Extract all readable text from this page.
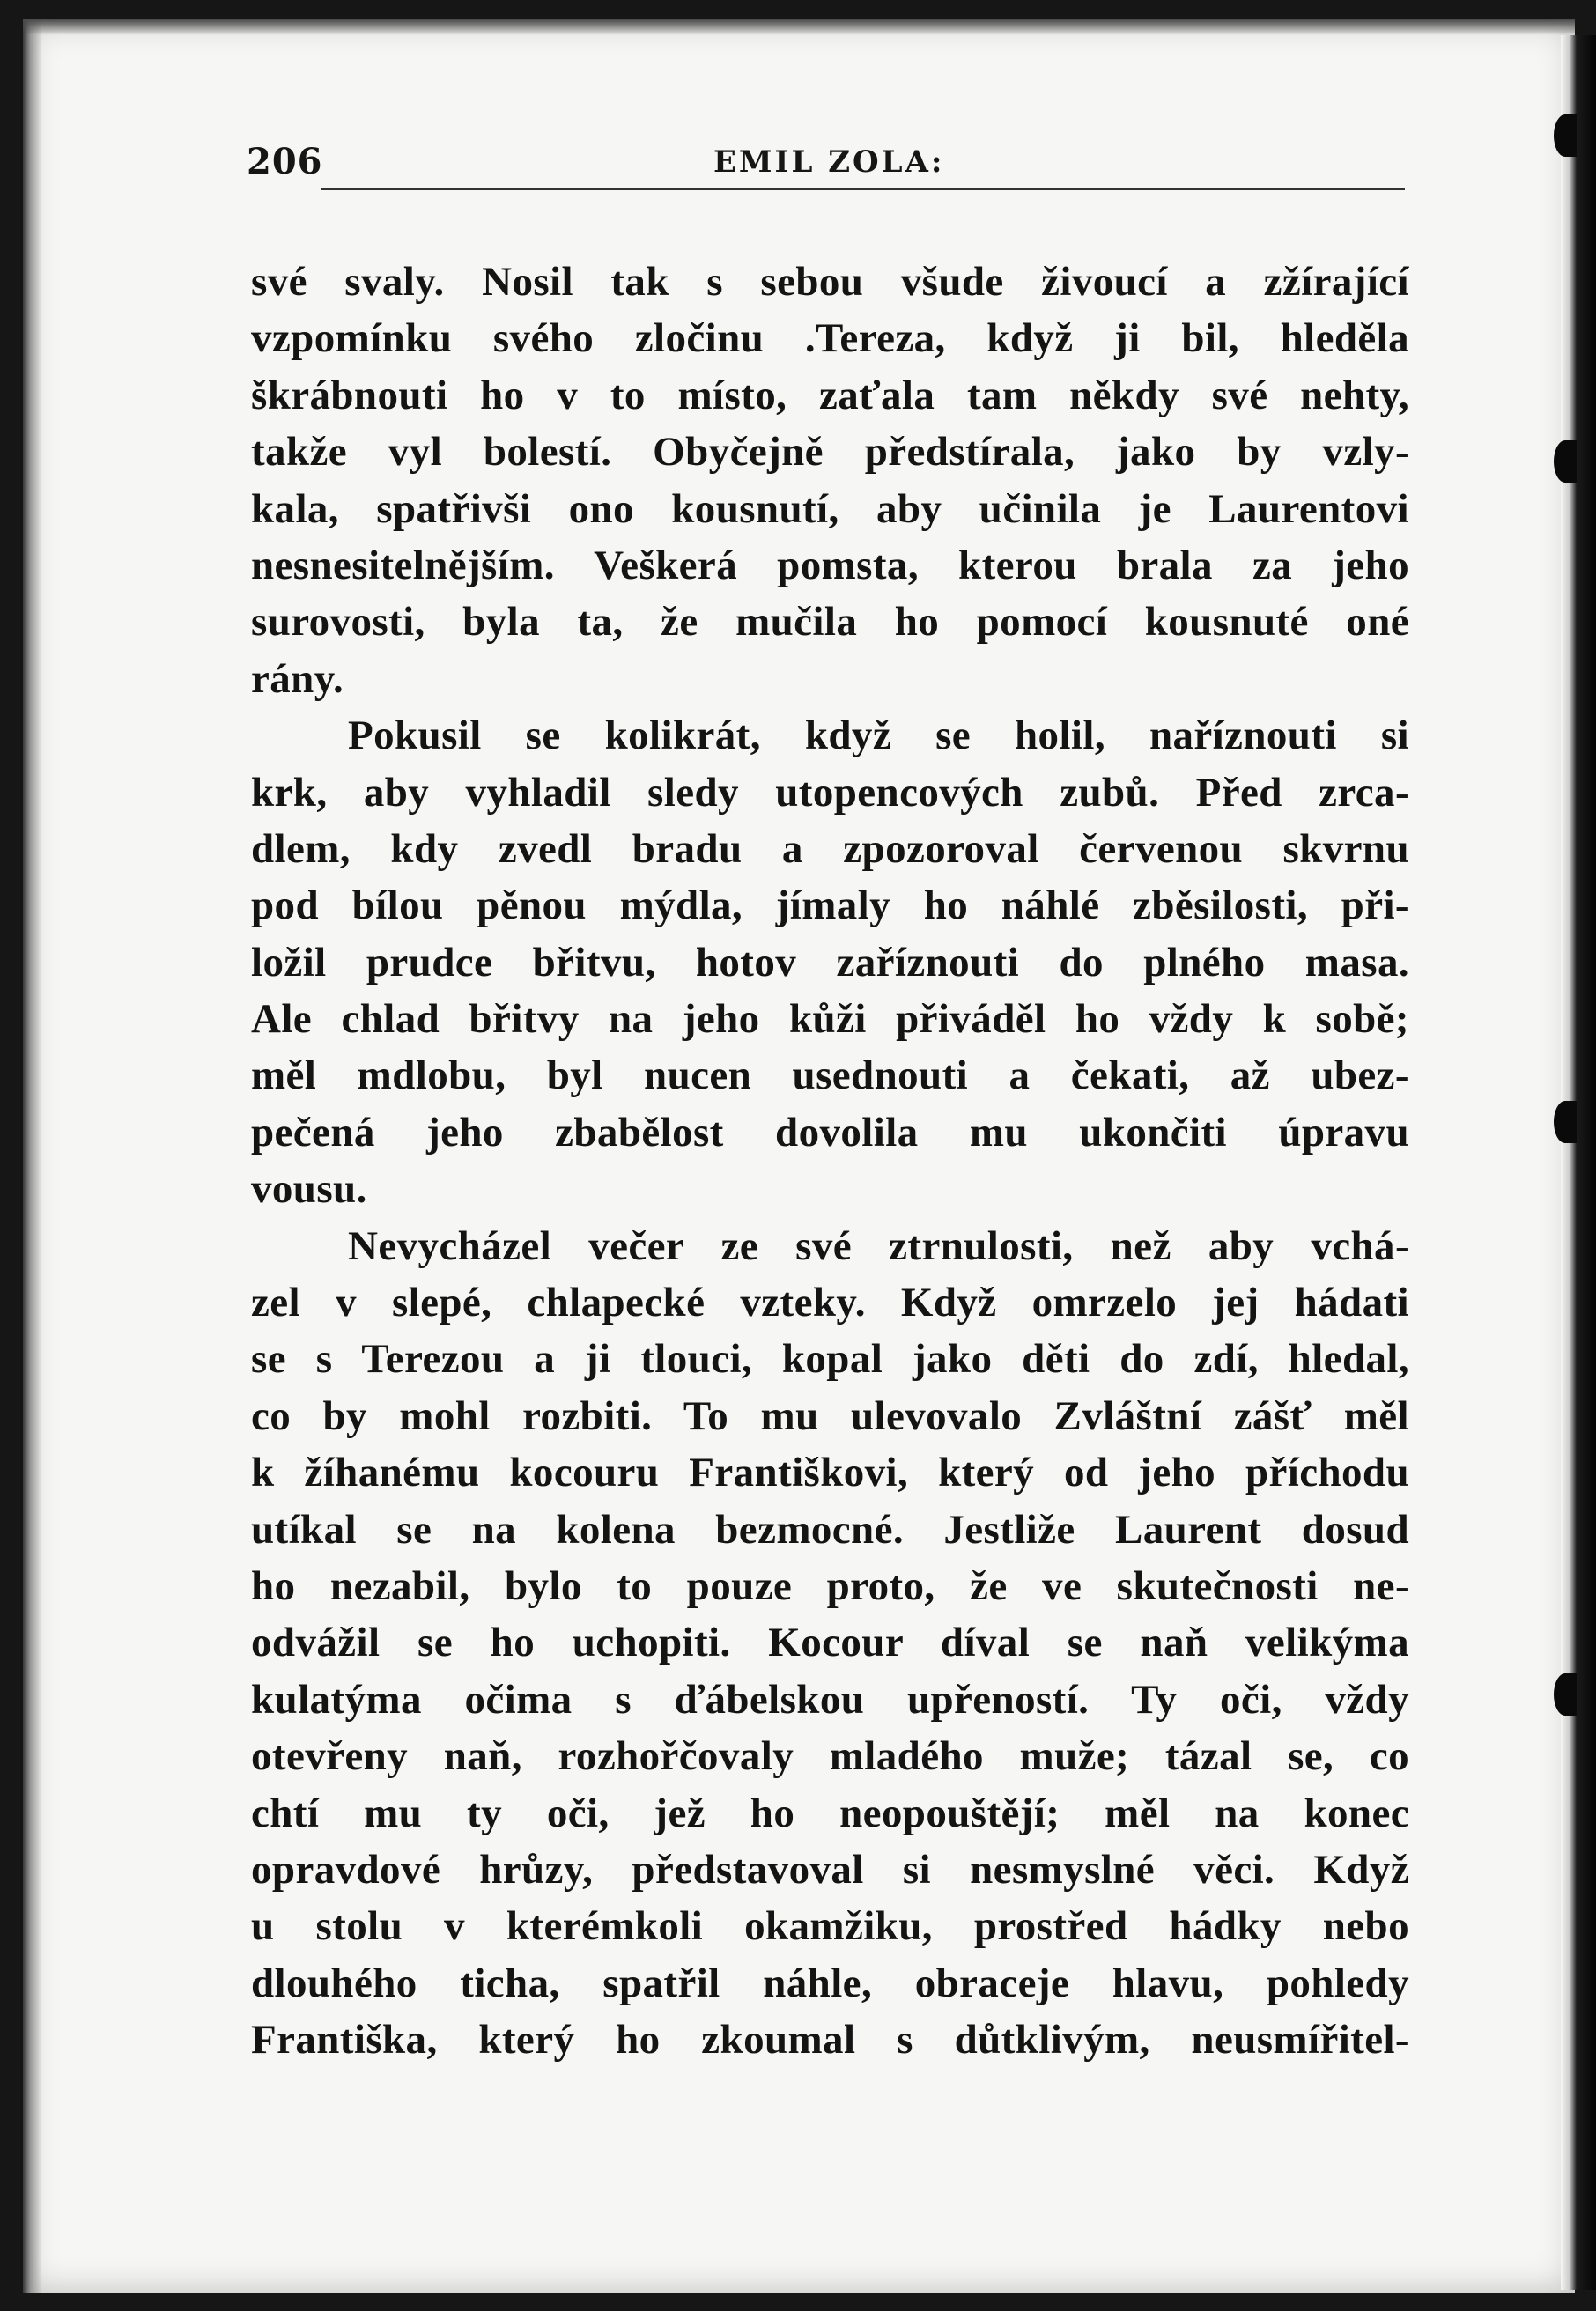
206	EMIL ZOLA:
své svaly. Nosil tak s sebou všude živoucí a zžírající
vzpomínku svého zločinu .Tereza, když ji bil, hleděla
škrábnouti ho v to místo, zaťala tam někdy své nehty,
takže vyl bolestí. Obyčejně předstírala, jako by vzly-
kala, spatřivši ono kousnutí, aby učinila je Laurentovi
nesnesitelnějším. Veškerá pomsta, kterou brala za jeho
surovosti, byla ta, že mučila ho pomocí kousnuté oné
rány.
Pokusil se kolikrát, když se holil, naříznouti si
krk, aby vyhladil sledy utopencových zubů. Před zrca-
dlem, kdy zvedl bradu a zpozoroval červenou skvrnu
pod bílou pěnou mýdla, jímaly ho náhlé zběsilosti, při-
ložil prudce břitvu, hotov zaříznouti do plného masa.
Ale chlad břitvy na jeho kůži přiváděl ho vždy k sobě;
měl mdlobu, byl nucen usednouti a čekati, až ubez-
pečená jeho zbabělost dovolila mu ukončiti úpravu
vousu.
Nevycházel večer ze své ztrnulosti, než aby vchá-
zel v slepé, chlapecké vzteky. Když omrzelo jej hádati
se s Terezou a ji tlouci, kopal jako děti do zdí, hledal,
co by mohl rozbiti. To mu ulevovalo Zvláštní zášť měl
k žíhanému kocouru Františkovi, který od jeho příchodu
utíkal se na kolena bezmocné. Jestliže Laurent dosud
ho nezabil, bylo to pouze proto, že ve skutečnosti ne-
odvážil se ho uchopiti. Kocour díval se naň velikýma
kulatýma očima s ďábelskou upřeností. Ty oči, vždy
otevřeny naň, rozhořčovaly mladého muže; tázal se, co
chtí mu ty oči, jež ho neopouštějí; měl na konec
opravdové hrůzy, představoval si nesmyslné věci. Když
u stolu v kterémkoli okamžiku, prostřed hádky nebo
dlouhého ticha, spatřil náhle, obraceje hlavu, pohledy
Františka, který ho zkoumal s důtklivým, neusmířitel-
